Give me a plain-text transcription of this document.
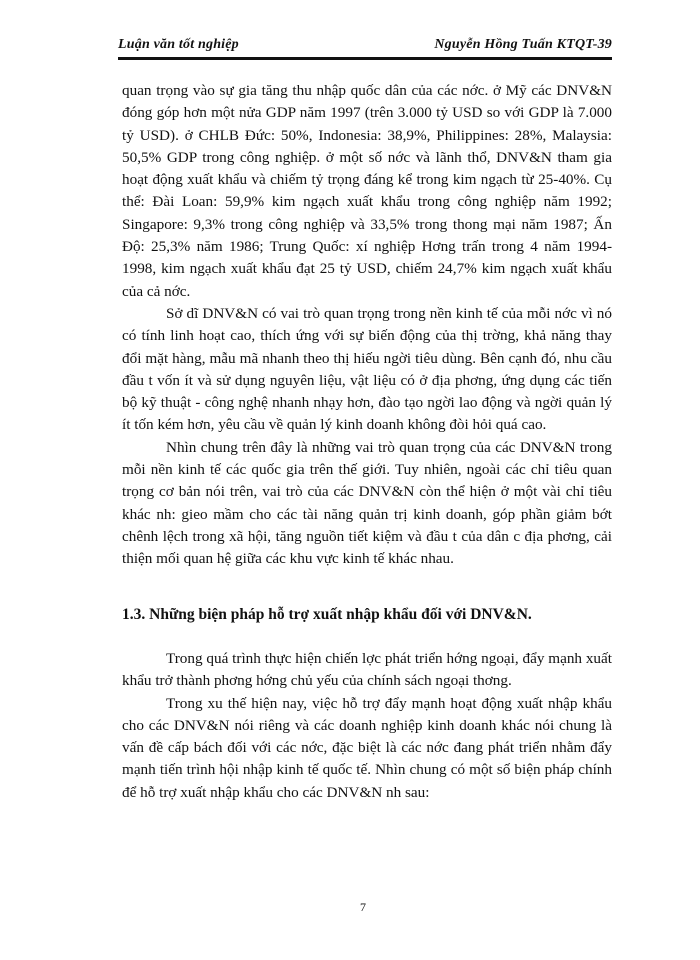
Luận văn tốt nghiệp	Nguyễn Hồng Tuấn KTQT-39

quan trọng vào sự gia tăng thu nhập quốc dân của các nớc. ở Mỹ các DNV&N đóng góp hơn một nửa GDP năm 1997 (trên 3.000 tỷ USD so với GDP là 7.000 tỷ USD). ở CHLB Đức: 50%, Indonesia: 38,9%, Philippines: 28%, Malaysia: 50,5% GDP trong công nghiệp. ở một số nớc và lãnh thổ, DNV&N tham gia hoạt động xuất khẩu và chiếm tỷ trọng đáng kể trong kim ngạch từ 25-40%. Cụ thể: Đài Loan: 59,9% kim ngạch xuất khẩu trong công nghiệp năm 1992; Singapore: 9,3% trong công nghiệp và 33,5% trong thong mại năm 1987; Ấn Độ: 25,3% năm 1986; Trung Quốc: xí nghiệp Hơng trấn trong 4 năm 1994-1998, kim ngạch xuất khẩu đạt 25 tỷ USD, chiếm 24,7% kim ngạch xuất khẩu của cả nớc.

Sở dĩ DNV&N có vai trò quan trọng trong nền kinh tế của mỗi nớc vì nó có tính linh hoạt cao, thích ứng với sự biến động của thị trờng, khả năng thay đổi mặt hàng, mẫu mã nhanh theo thị hiếu ngời tiêu dùng. Bên cạnh đó, nhu cầu đầu t vốn ít và sử dụng nguyên liệu, vật liệu có ở địa phơng, ứng dụng các tiến bộ kỹ thuật - công nghệ nhanh nhạy hơn, đào tạo ngời lao động và ngời quản lý ít tốn kém hơn, yêu cầu về quản lý kinh doanh không đòi hỏi quá cao.

Nhìn chung trên đây là những vai trò quan trọng của các DNV&N trong mỗi nền kinh tế các quốc gia trên thế giới. Tuy nhiên, ngoài các chỉ tiêu quan trọng cơ bản nói trên, vai trò của các DNV&N còn thể hiện ở một vài chỉ tiêu khác nh: gieo mầm cho các tài năng quản trị kinh doanh, góp phần giảm bớt chênh lệch trong xã hội, tăng nguồn tiết kiệm và đầu t của dân c địa phơng, cải thiện mối quan hệ giữa các khu vực kinh tế khác nhau.

1.3. Những biện pháp hỗ trợ xuất nhập khẩu đối với DNV&N.

Trong quá trình thực hiện chiến lợc phát triển hớng ngoại, đẩy mạnh xuất khẩu trở thành phơng hớng chủ yếu của chính sách ngoại thơng.

Trong xu thế hiện nay, việc hỗ trợ đẩy mạnh hoạt động xuất nhập khẩu cho các DNV&N nói riêng và các doanh nghiệp kinh doanh khác nói chung là vấn đề cấp bách đối với các nớc, đặc biệt là các nớc đang phát triển nhằm đẩy mạnh tiến trình hội nhập kinh tế quốc tế. Nhìn chung có một số biện pháp chính để hỗ trợ xuất nhập khẩu cho các DNV&N nh sau:

7
